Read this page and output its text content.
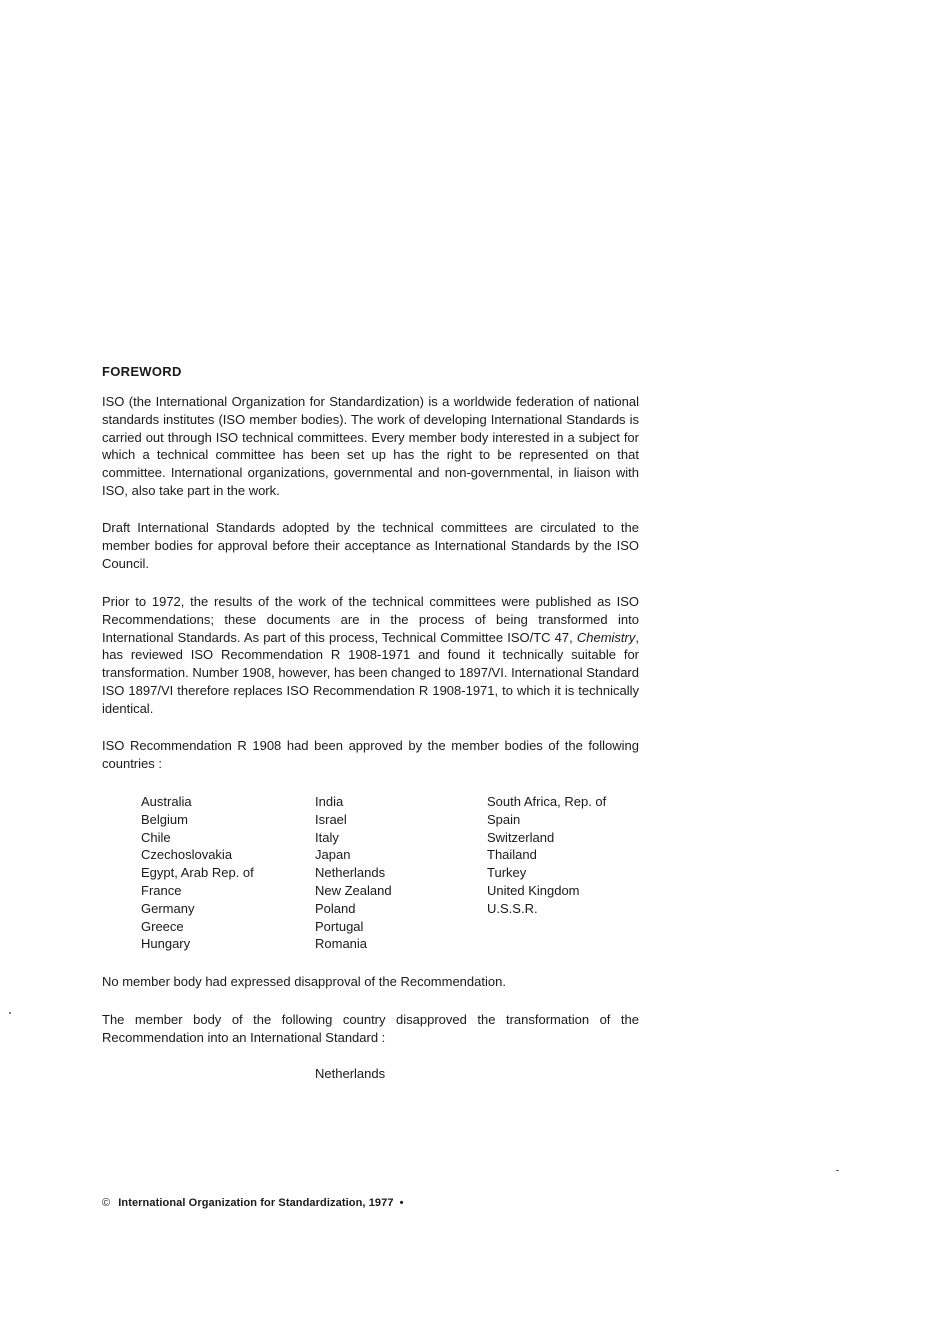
FOREWORD

ISO (the International Organization for Standardization) is a worldwide federation of national standards institutes (ISO member bodies). The work of developing International Standards is carried out through ISO technical committees. Every member body interested in a subject for which a technical committee has been set up has the right to be represented on that committee. International organizations, governmental and non-governmental, in liaison with ISO, also take part in the work.

Draft International Standards adopted by the technical committees are circulated to the member bodies for approval before their acceptance as International Standards by the ISO Council.

Prior to 1972, the results of the work of the technical committees were published as ISO Recommendations; these documents are in the process of being transformed into International Standards. As part of this process, Technical Committee ISO/TC 47, Chemistry, has reviewed ISO Recommendation R 1908-1971 and found it technically suitable for transformation. Number 1908, however, has been changed to 1897/VI. International Standard ISO 1897/VI therefore replaces ISO Recommendation R 1908-1971, to which it is technically identical.

ISO Recommendation R 1908 had been approved by the member bodies of the following countries :

Australia
Belgium
Chile
Czechoslovakia
Egypt, Arab Rep. of
France
Germany
Greece
Hungary
India
Israel
Italy
Japan
Netherlands
New Zealand
Poland
Portugal
Romania
South Africa, Rep. of
Spain
Switzerland
Thailand
Turkey
United Kingdom
U.S.S.R.

No member body had expressed disapproval of the Recommendation.

The member body of the following country disapproved the transformation of the Recommendation into an International Standard :

Netherlands
© International Organization for Standardization, 1977 •
